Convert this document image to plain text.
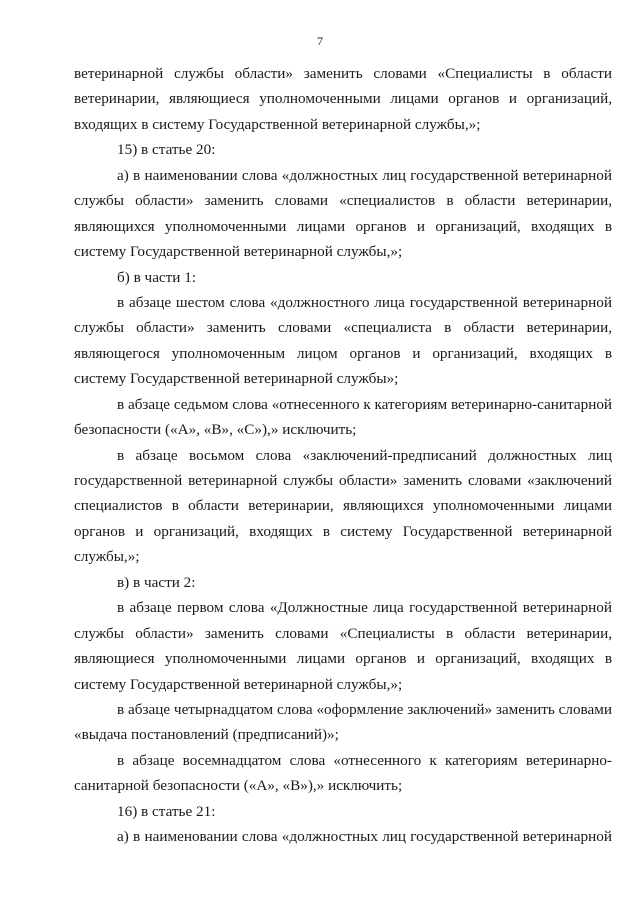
7
ветеринарной службы области» заменить словами «Специалисты в области
ветеринарии, являющиеся уполномоченными лицами органов и организаций,
входящих в систему Государственной ветеринарной службы,»;
15) в статье 20:
а) в наименовании слова «должностных лиц государственной ветеринарной
службы области» заменить словами «специалистов в области ветеринарии,
являющихся уполномоченными лицами органов и организаций, входящих в
систему Государственной ветеринарной службы,»;
б) в части 1:
в абзаце шестом слова «должностного лица государственной ветеринарной
службы области» заменить словами «специалиста в области ветеринарии,
являющегося уполномоченным лицом органов и организаций, входящих в
систему Государственной ветеринарной службы»;
в абзаце седьмом слова «отнесенного к категориям ветеринарно-санитарной
безопасности («А», «В», «С»),» исключить;
в абзаце восьмом слова «заключений-предписаний должностных лиц
государственной ветеринарной службы области» заменить словами «заключений
специалистов в области ветеринарии, являющихся уполномоченными лицами
органов и организаций, входящих в систему Государственной ветеринарной
службы,»;
в) в части 2:
в абзаце первом слова «Должностные лица государственной ветеринарной
службы области» заменить словами «Специалисты в области ветеринарии,
являющиеся уполномоченными лицами органов и организаций, входящих в
систему Государственной ветеринарной службы,»;
в абзаце четырнадцатом слова «оформление заключений» заменить словами
«выдача постановлений (предписаний)»;
в абзаце восемнадцатом слова «отнесенного к категориям ветеринарно-
санитарной безопасности («А», «В»),» исключить;
16) в статье 21:
а) в наименовании слова «должностных лиц государственной ветеринарной
